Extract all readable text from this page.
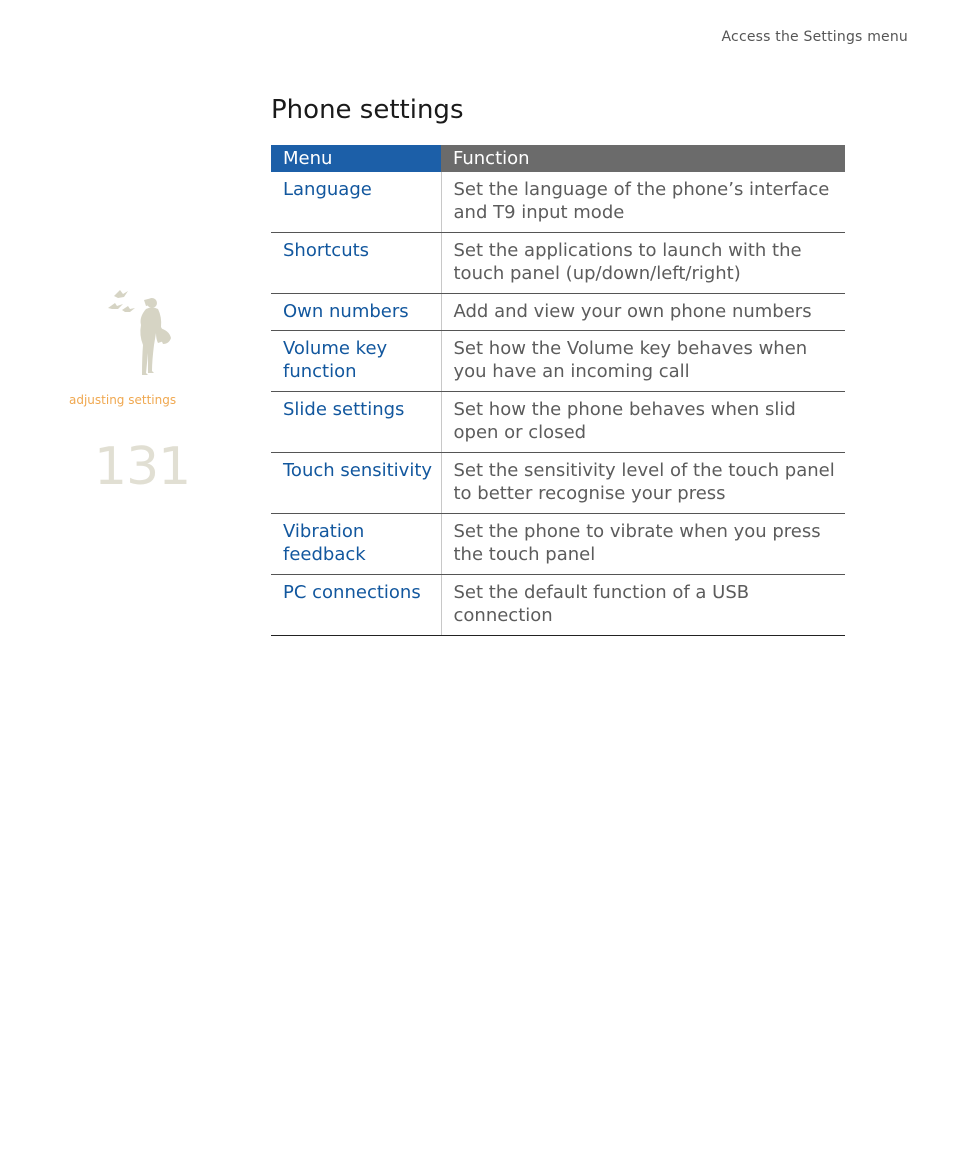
Access the Settings menu
adjusting settings
131
Phone settings
Menu	Function
Language	Set the language of the phone’s interface and T9 input mode
Shortcuts	Set the applications to launch with the touch panel (up/down/left/right)
Own numbers	Add and view your own phone numbers
Volume key function	Set how the Volume key behaves when you have an incoming call
Slide settings	Set how the phone behaves when slid open or closed
Touch sensitivity	Set the sensitivity level of the touch panel to better recognise your press
Vibration feedback	Set the phone to vibrate when you press the touch panel
PC connections	Set the default function of a USB connection
